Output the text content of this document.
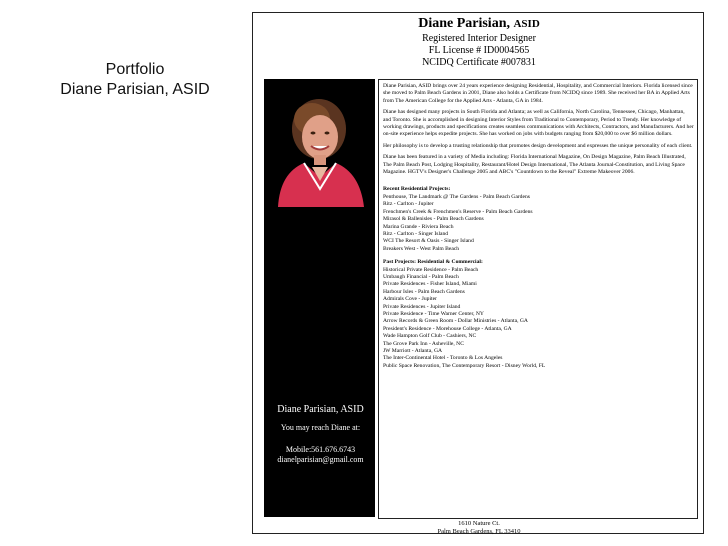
Portfolio
Diane Parisian, ASID
Diane Parisian, ASID
Registered Interior Designer
FL License # ID0004565
NCIDQ Certificate #007831
Diane Parisian, ASID
You may reach Diane at:
Mobile:561.676.6743
dianelparisian@gmail.com

Diane Parisian, ASID brings over 24 years experience designing Residential, Hospitality, and Commercial Interiors. Florida licensed since she moved to Palm Beach Gardens in 2001, Diane also holds a Certificate from NCIDQ since 1989. She received her BA in Applied Arts from The American College for the Applied Arts - Atlanta, GA in 1984.

Diane has designed many projects in South Florida and Atlanta; as well as California, North Carolina, Tennessee, Chicago, Manhattan, and Toronto. She is accomplished in designing Interior Styles from Traditional to Contemporary, Period to Trendy. Her knowledge of working drawings, products and specifications creates seamless communications with Architects, Contractors, and Manufacturers. And her on-site experience helps expedite projects. She has worked on jobs with budgets ranging from $20,000 to over $6 million dollars.

Her philosophy is to develop a trusting relationship that promotes design development and expresses the unique personality of each client.

Diane has been featured in a variety of Media including: Florida International Magazine, On Design Magazine, Palm Beach Illustrated, The Palm Beach Post, Lodging Hospitality, Restaurant/Hotel Design International, The Atlanta Journal-Constitution, and Living Space Magazine. HGTV's Designer's Challenge 2005 and ABC's "Countdown to the Reveal" Extreme Makeover 2006.

Recent Residential Projects:
Penthouse, The Landmark @ The Gardens - Palm Beach Gardens
Ritz - Carlton - Jupiter
Frenchmen's Creek & Frenchmen's Reserve - Palm Beach Gardens
Mirasol & Ballenisles - Palm Beach Gardens
Marina Grande - Riviera Beach
Ritz - Carlton - Singer Island
WCI The Resort & Oasis - Singer Island
Breakers West - West Palm Beach
Past Projects: Residential & Commercial:
Historical Private Residence - Palm Beach
Umbaugh Financial - Palm Beach
Private Residences - Fisher Island, Miami
Harbour Isles - Palm Beach Gardens
Admirals Cove - Jupiter
Private Residences - Jupiter Island
Private Residence - Time Warner Center, NY
Arrow Records & Green Room - Dollar Ministries - Atlanta, GA
President's Residence - Morehouse College - Atlanta, GA
Wade Hampton Golf Club - Cashiers, NC
The Grove Park Inn - Asheville, NC
JW Marriott - Atlanta, GA
The Inter-Continental Hotel - Toronto & Los Angeles
Public Space Renovation, The Contemporary Resort - Disney World, FL
1610 Nature Ct.
Palm Beach Gardens, FL 33410
